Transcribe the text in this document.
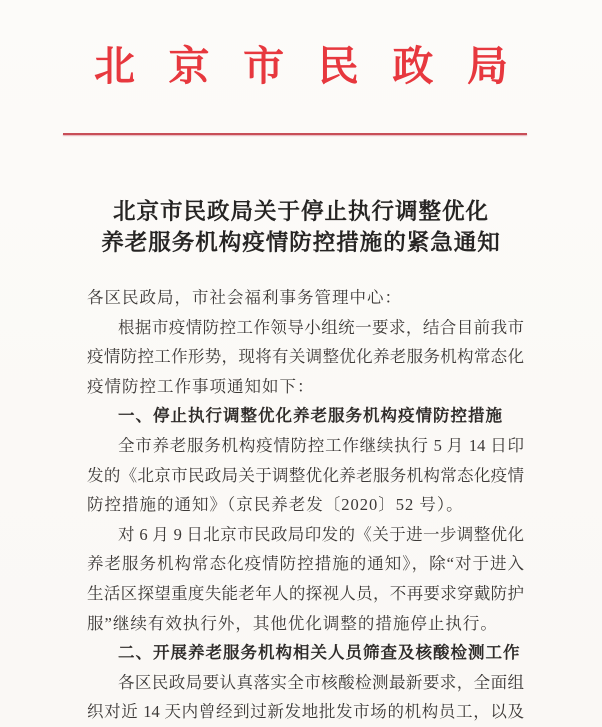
北京市民政局
北京市民政局关于停止执行调整优化
养老服务机构疫情防控措施的紧急通知
各区民政局，市社会福利事务管理中心：
根据市疫情防控工作领导小组统一要求，结合目前我市
疫情防控工作形势，现将有关调整优化养老服务机构常态化
疫情防控工作事项通知如下：
一、停止执行调整优化养老服务机构疫情防控措施
全市养老服务机构疫情防控工作继续执行 5 月 14 日印
发的《北京市民政局关于调整优化养老服务机构常态化疫情
防控措施的通知》（京民养老发〔2020〕52 号）。
对 6 月 9 日北京市民政局印发的《关于进一步调整优化
养老服务机构常态化疫情防控措施的通知》，除“对于进入
生活区探望重度失能老年人的探视人员，不再要求穿戴防护
服”继续有效执行外，其他优化调整的措施停止执行。
二、开展养老服务机构相关人员筛查及核酸检测工作
各区民政局要认真落实全市核酸检测最新要求，全面组
织对近 14 天内曾经到过新发地批发市场的机构员工，以及
